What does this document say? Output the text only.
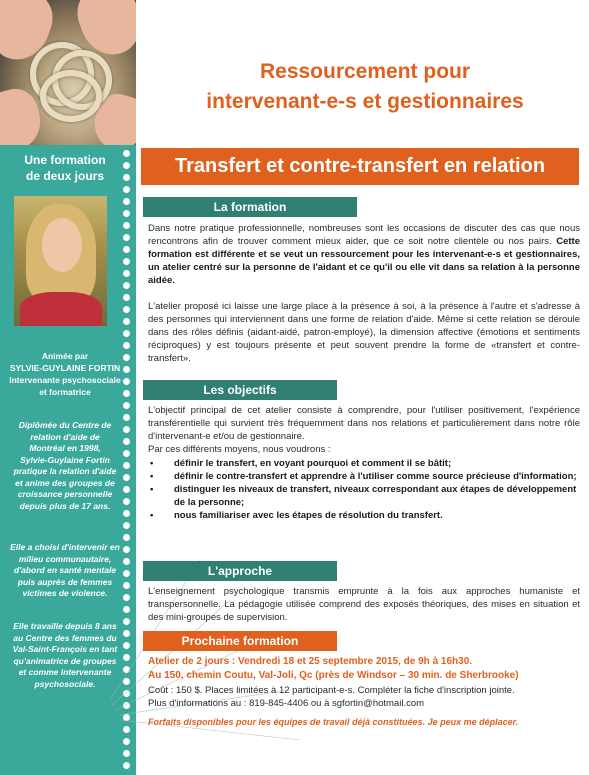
Une formation
de deux jours
Animée par
SYLVIE-GUYLAINE FORTIN
Intervenante psychosociale
et formatrice
Diplômée du Centre de
relation d'aide de
Montréal en 1998,
Sylvie-Guylaine Fortin
pratique la relation d'aide
et anime des groupes de
croissance personnelle
depuis plus de 17 ans.
Elle a choisi d'intervenir en
milieu communautaire,
d'abord en santé mentale
puis auprès de femmes
victimes de violence.
Elle travaille depuis 8 ans
au Centre des femmes du
Val-Saint-François en tant
qu'animatrice de groupes
et comme intervenante
psychosociale.
Ressourcement pour
intervenant-e-s et gestionnaires
Transfert et contre-transfert en relation
La formation
Dans notre pratique professionnelle, nombreuses sont les occasions de discuter des cas que nous rencontrons afin de trouver comment mieux aider, que ce soit notre clientèle ou nos pairs. Cette formation est différente et se veut un ressourcement pour les intervenant-e-s et gestionnaires, un atelier centré sur la personne de l'aidant et ce qu'il ou elle vit dans sa relation à la personne aidée.
L'atelier proposé ici laisse une large place à la présence à soi, à la présence à l'autre et s'adresse à des personnes qui interviennent dans une forme de relation d'aide. Même si cette relation se déroule dans des rôles définis (aidant-aidé, patron-employé), la dimension affective (émotions et sentiments réciproques) y est toujours présente et peut souvent prendre la forme de «transfert et contre-transfert».
Les objectifs
L'objectif principal de cet atelier consiste à comprendre, pour l'utiliser positivement, l'expérience transférentielle qui survient très fréquemment dans nos relations et particulièrement dans notre rôle d'intervenant-e et/ou de gestionnaire.
Par ces différents moyens, nous voudrons :
• définir le transfert, en voyant pourquoi et comment il se bâtit;
• définir le contre-transfert et apprendre à l'utiliser comme source précieuse d'information;
• distinguer les niveaux de transfert, niveaux correspondant aux étapes de développement de la personne;
• nous familiariser avec les étapes de résolution du transfert.
L'approche
L'enseignement psychologique transmis emprunte à la fois aux approches humaniste et transpersonnelle. La pédagogie utilisée comprend des exposés théoriques, des mises en situation et des mini-groupes de supervision.
Prochaine formation
Atelier de 2 jours : Vendredi 18 et 25 septembre 2015, de 9h à 16h30.
Au 150, chemin Coutu, Val-Joli, Qc (près de Windsor – 30 min. de Sherbrooke)
Coût : 150 $. Places limitées à 12 participant-e-s. Compléter la fiche d'inscription jointe.
Plus d'informations au : 819-845-4406 ou à sgfortin@hotmail.com
Forfaits disponibles pour les équipes de travail déjà constituées. Je peux me déplacer.
